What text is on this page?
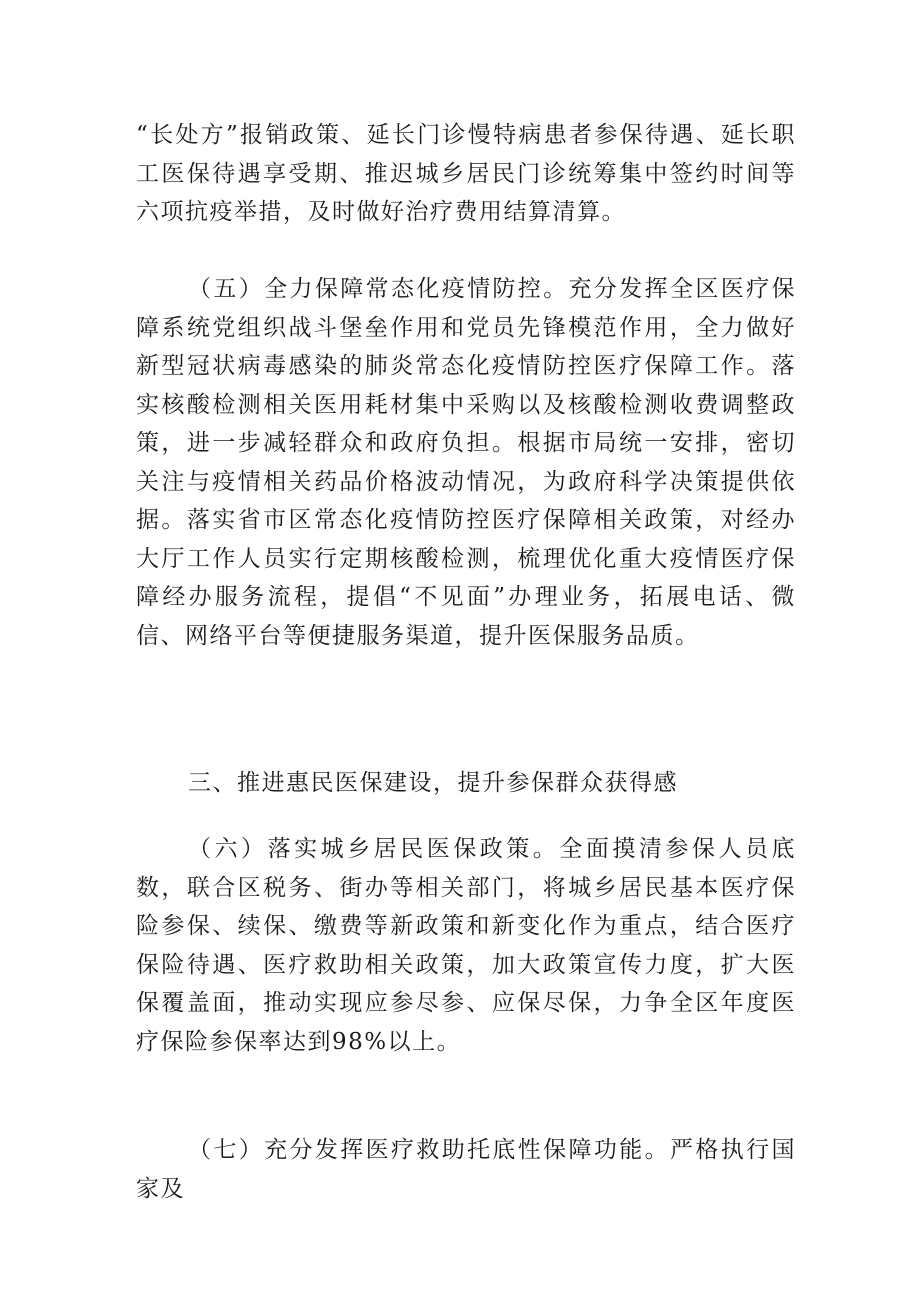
“长处方”报销政策、延长门诊慢特病患者参保待遇、延长职工医保待遇享受期、推迟城乡居民门诊统筹集中签约时间等六项抗疫举措，及时做好治疗费用结算清算。

（五）全力保障常态化疫情防控。充分发挥全区医疗保障系统党组织战斗堡垒作用和党员先锋模范作用，全力做好新型冠状病毒感染的肺炎常态化疫情防控医疗保障工作。落实核酸检测相关医用耗材集中采购以及核酸检测收费调整政策，进一步减轻群众和政府负担。根据市局统一安排，密切关注与疫情相关药品价格波动情况，为政府科学决策提供依据。落实省市区常态化疫情防控医疗保障相关政策，对经办大厅工作人员实行定期核酸检测，梳理优化重大疫情医疗保障经办服务流程，提倡“不见面”办理业务，拓展电话、微信、网络平台等便捷服务渠道，提升医保服务品质。

三、推进惠民医保建设，提升参保群众获得感

（六）落实城乡居民医保政策。全面摸清参保人员底数，联合区税务、街办等相关部门，将城乡居民基本医疗保险参保、续保、缴费等新政策和新变化作为重点，结合医疗保险待遇、医疗救助相关政策，加大政策宣传力度，扩大医保覆盖面，推动实现应参尽参、应保尽保，力争全区年度医疗保险参保率达到98%以上。

（七）充分发挥医疗救助托底性保障功能。严格执行国家及
